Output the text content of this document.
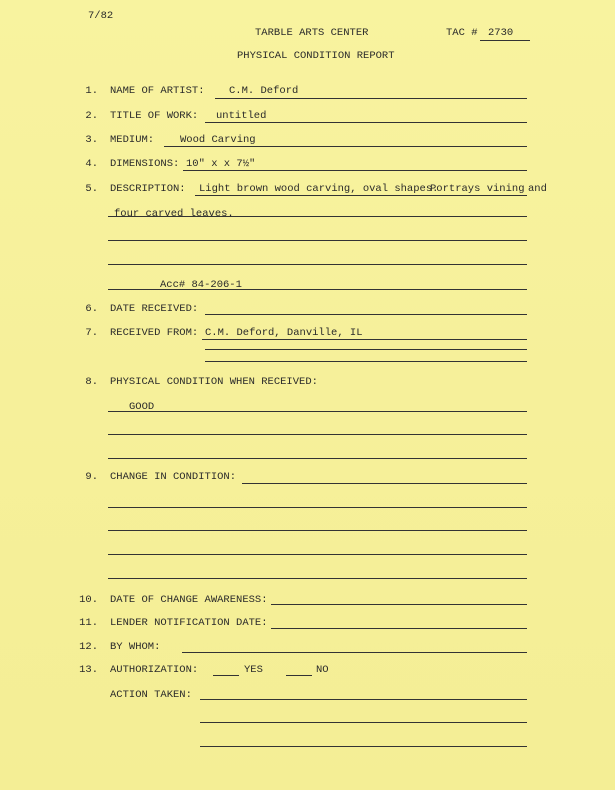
7/82
TARBLE ARTS CENTER	TAC # 2730
PHYSICAL CONDITION REPORT
1. NAME OF ARTIST: C.M. Deford
2. TITLE OF WORK: untitled
3. MEDIUM: Wood Carving
4. DIMENSIONS: 10" x x 7½"
5. DESCRIPTION: Light brown wood carving, oval shapes.
Portrays vining and
four carved leaves.
Acc# 84-206-1
6. DATE RECEIVED:
7. RECEIVED FROM: C.M. Deford, Danville, IL
8. PHYSICAL CONDITION WHEN RECEIVED:
GOOD
9. CHANGE IN CONDITION:
10. DATE OF CHANGE AWARENESS:
11. LENDER NOTIFICATION DATE:
12. BY WHOM:
13. AUTHORIZATION:	YES	NO
ACTION TAKEN:
